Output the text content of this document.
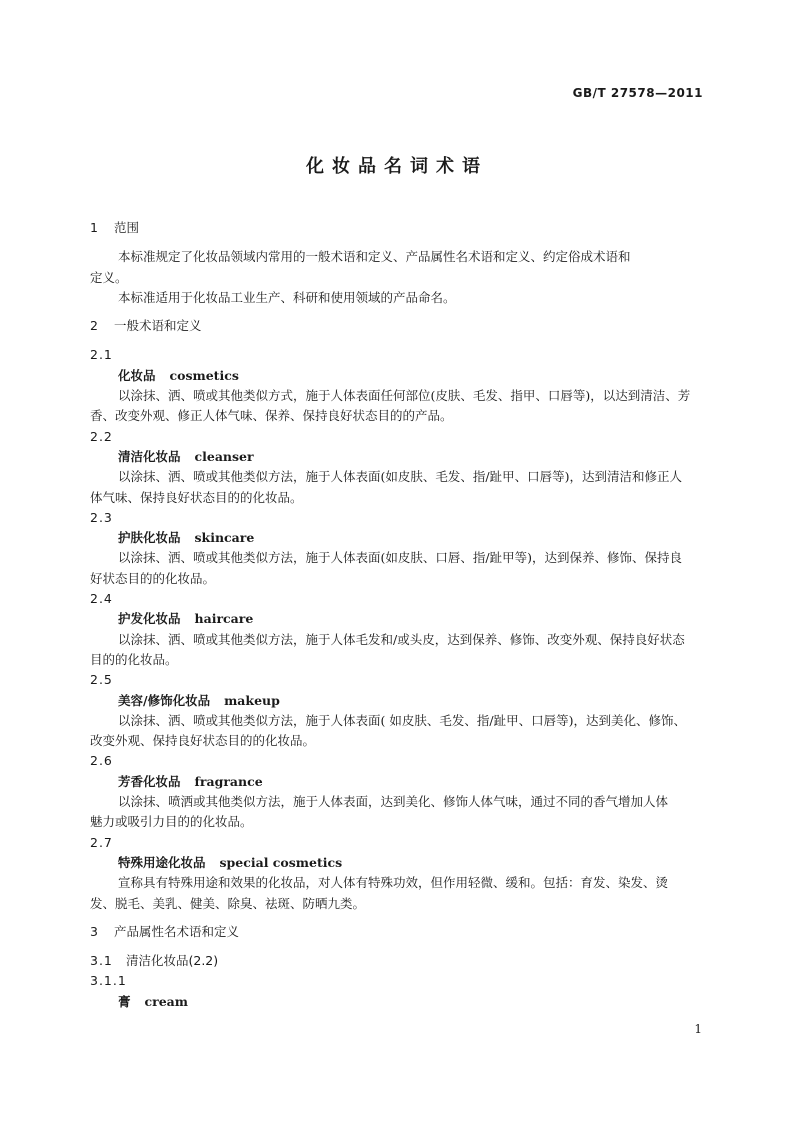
GB/T 27578—2011
化妆品名词术语
1 范围
本标准规定了化妆品领域内常用的一般术语和定义、产品属性名术语和定义、约定俗成术语和
定义。
本标准适用于化妆品工业生产、科研和使用领域的产品命名。
2 一般术语和定义
2.1
化妆品 cosmetics
以涂抹、洒、喷或其他类似方式，施于人体表面任何部位(皮肤、毛发、指甲、口唇等)，以达到清洁、芳
香、改变外观、修正人体气味、保养、保持良好状态目的的产品。
2.2
清洁化妆品 cleanser
以涂抹、洒、喷或其他类似方法，施于人体表面(如皮肤、毛发、指/趾甲、口唇等)，达到清洁和修正人
体气味、保持良好状态目的的化妆品。
2.3
护肤化妆品 skincare
以涂抹、洒、喷或其他类似方法，施于人体表面(如皮肤、口唇、指/趾甲等)，达到保养、修饰、保持良
好状态目的的化妆品。
2.4
护发化妆品 haircare
以涂抹、洒、喷或其他类似方法，施于人体毛发和/或头皮，达到保养、修饰、改变外观、保持良好状态
目的的化妆品。
2.5
美容/修饰化妆品 makeup
以涂抹、洒、喷或其他类似方法，施于人体表面( 如皮肤、毛发、指/趾甲、口唇等)，达到美化、修饰、
改变外观、保持良好状态目的的化妆品。
2.6
芳香化妆品 fragrance
以涂抹、喷洒或其他类似方法，施于人体表面，达到美化、修饰人体气味，通过不同的香气增加人体
魅力或吸引力目的的化妆品。
2.7
特殊用途化妆品 special cosmetics
宣称具有特殊用途和效果的化妆品，对人体有特殊功效，但作用轻微、缓和。包括：育发、染发、烫
发、脱毛、美乳、健美、除臭、祛斑、防晒九类。
3 产品属性名术语和定义
3.1 清洁化妆品(2.2)
3.1.1
膏 cream
1
